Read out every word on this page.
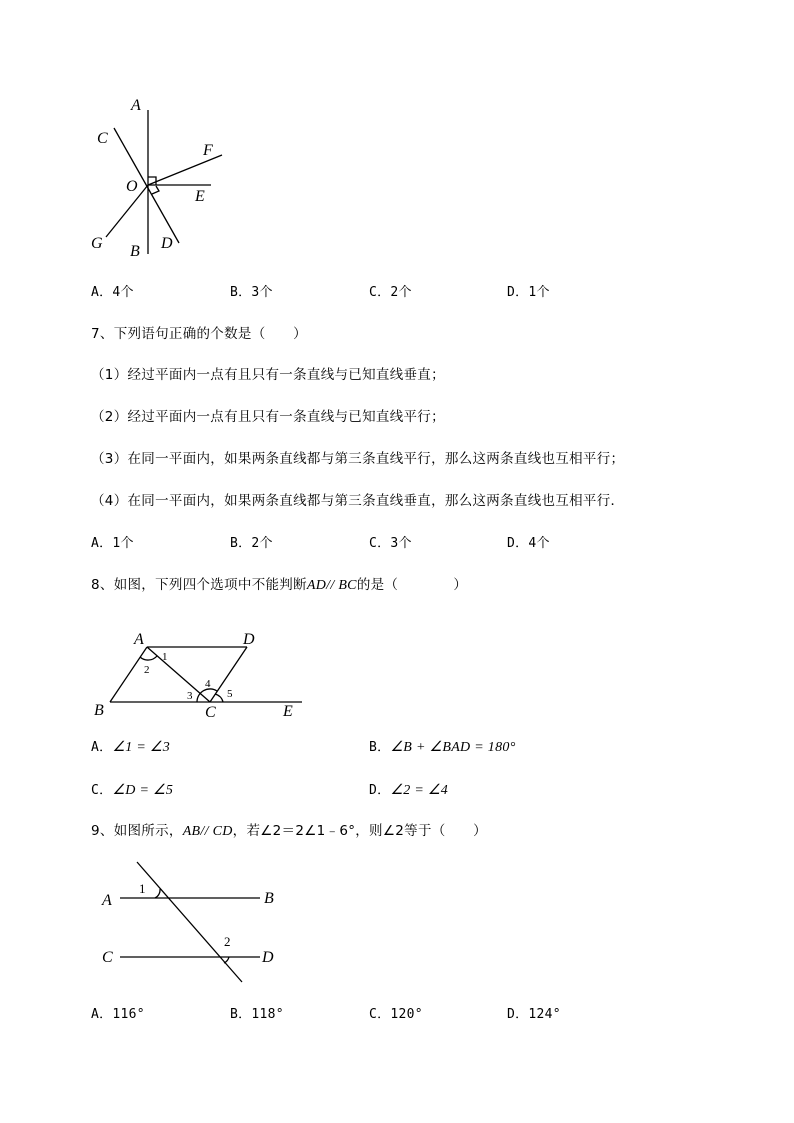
A
C
F
O
E
G B D
A．4个	B．3个	C．2个	D．1个
7、下列语句正确的个数是（　　）
（1）经过平面内一点有且只有一条直线与已知直线垂直；
（2）经过平面内一点有且只有一条直线与已知直线平行；
（3）在同一平面内，如果两条直线都与第三条直线平行，那么这两条直线也互相平行；
（4）在同一平面内，如果两条直线都与第三条直线垂直，那么这两条直线也互相平行．
A．1个	B．2个	C．3个	D．4个
8、如图，下列四个选项中不能判断AD// BC的是（　　　　）
A	D
B	C	E
1
2
3
4
5
A．∠1 = ∠3	B．∠B + ∠BAD = 180°
C．∠D = ∠5	D．∠2 = ∠4
9、如图所示，AB// CD，若∠2＝2∠1﹣6°，则∠2等于（　　）
A	B
C	D
1
2
A．116°	B．118°	C．120°	D．124°
